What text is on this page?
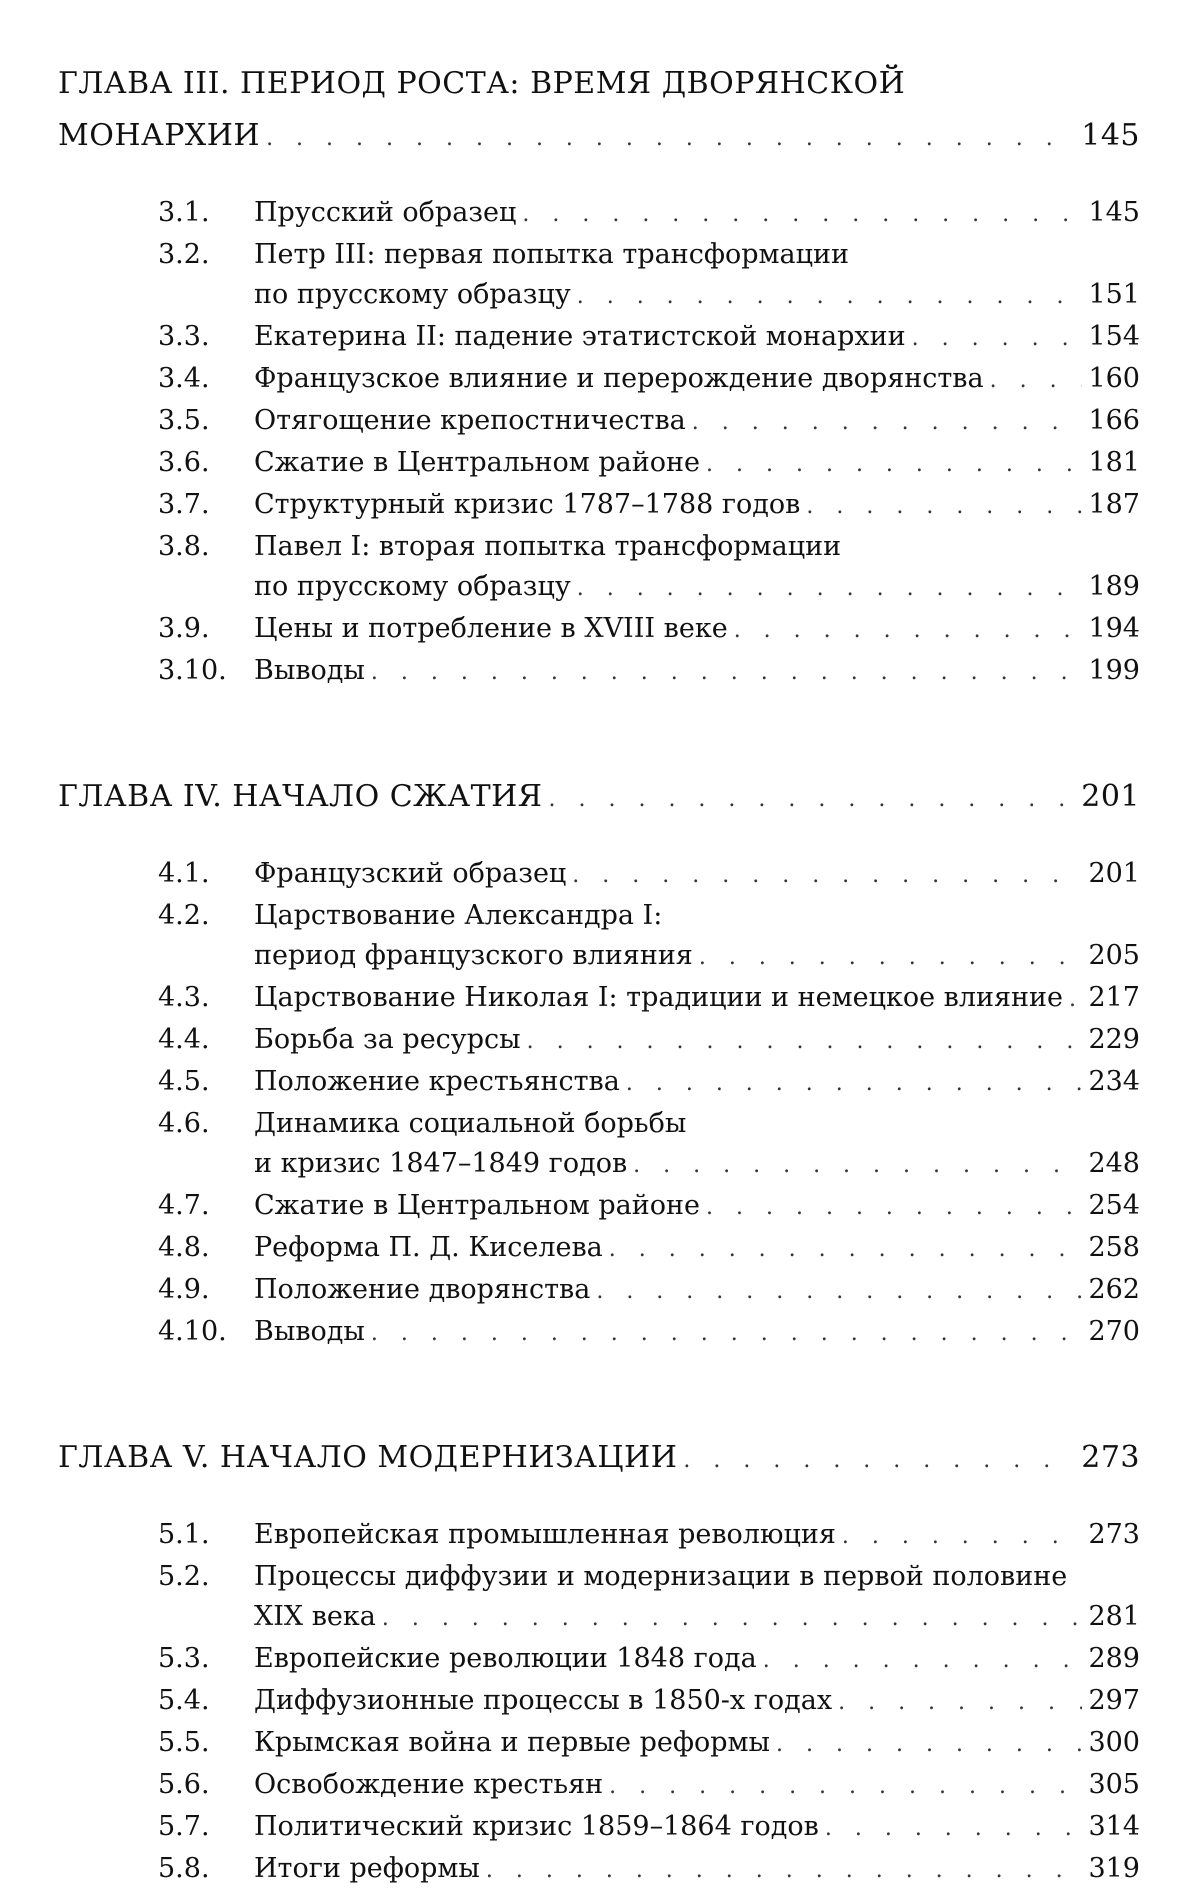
ГЛАВА III. ПЕРИОД РОСТА: ВРЕМЯ ДВОРЯНСКОЙ
МОНАРХИИ . . .	145
3.1.	Прусский образец . . .	145
3.2.	Петр III: первая попытка трансформации
по прусскому образцу . . .	151
3.3.	Екатерина II: падение этатистской монархии . . .	154
3.4.	Французское влияние и перерождение дворянства . . .	160
3.5.	Отягощение крепостничества . . .	166
3.6.	Сжатие в Центральном районе . . .	181
3.7.	Структурный кризис 1787–1788 годов . . .	187
3.8.	Павел I: вторая попытка трансформации
по прусскому образцу . . .	189
3.9.	Цены и потребление в XVIII веке . . .	194
3.10.	Выводы . . .	199
ГЛАВА IV. НАЧАЛО СЖАТИЯ . . .	201
4.1.	Французский образец . . .	201
4.2.	Царствование Александра I:
период французского влияния . . .	205
4.3.	Царствование Николая I: традиции и немецкое влияние . . . 217
4.4.	Борьба за ресурсы . . .	229
4.5.	Положение крестьянства . . .	234
4.6.	Динамика социальной борьбы
и кризис 1847–1849 годов . . .	248
4.7.	Сжатие в Центральном районе . . .	254
4.8.	Реформа П. Д. Киселева . . .	258
4.9.	Положение дворянства . . .	262
4.10.	Выводы . . .	270
ГЛАВА V. НАЧАЛО МОДЕРНИЗАЦИИ . . .	273
5.1.	Европейская промышленная революция . . .	273
5.2.	Процессы диффузии и модернизации в первой половине
XIX века . . .	281
5.3.	Европейские революции 1848 года . . .	289
5.4.	Диффузионные процессы в 1850-х годах . . .	297
5.5.	Крымская война и первые реформы . . .	300
5.6.	Освобождение крестьян . . .	305
5.7.	Политический кризис 1859–1864 годов . . .	314
5.8.	Итоги реформы . . .	319
